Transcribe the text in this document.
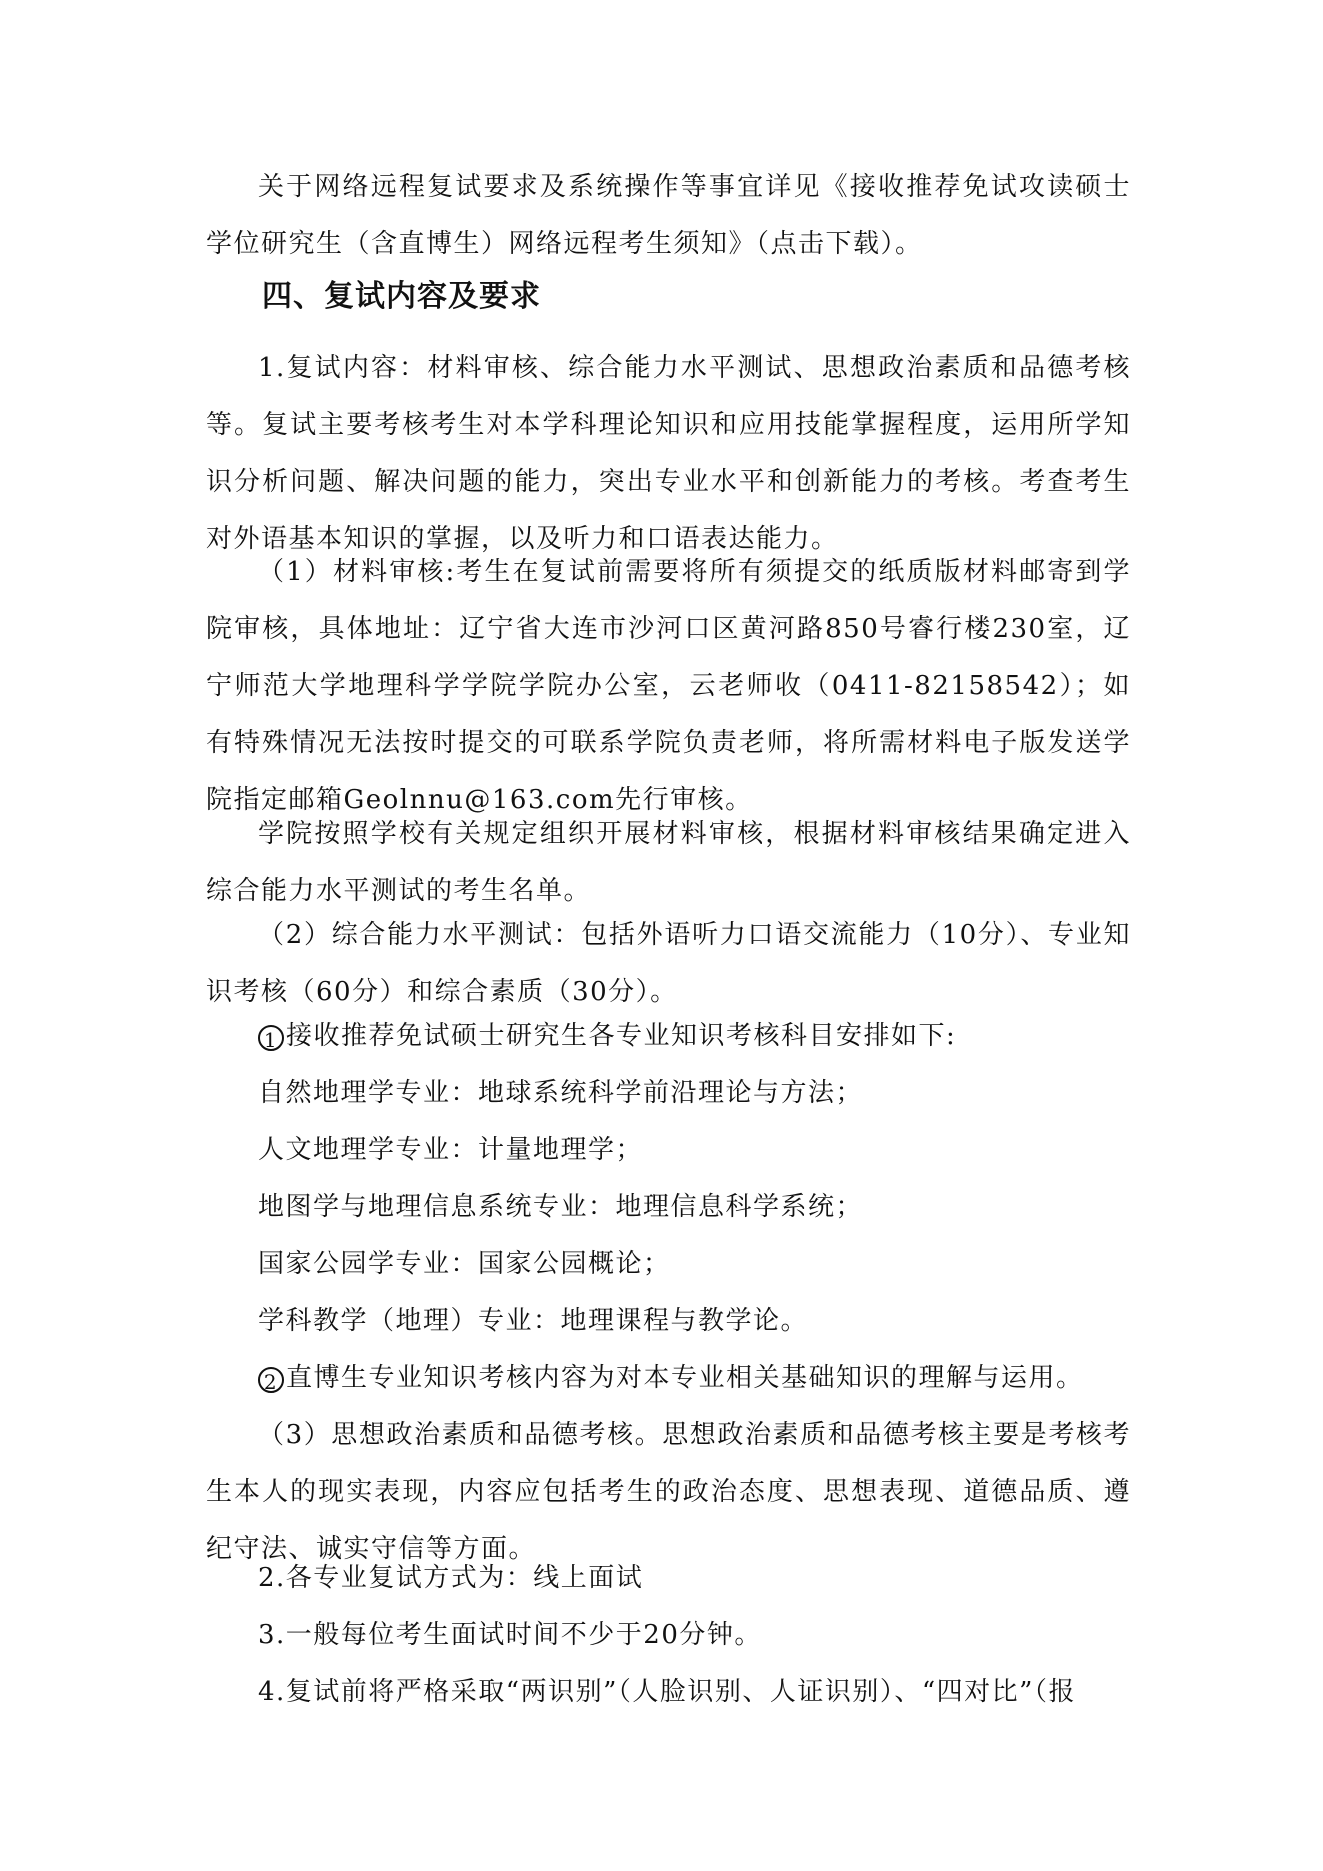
关于网络远程复试要求及系统操作等事宜详见《接收推荐免试攻读硕士学位研究生（含直博生）网络远程考生须知》（点击下载）。

四、复试内容及要求

1.复试内容：材料审核、综合能力水平测试、思想政治素质和品德考核等。复试主要考核考生对本学科理论知识和应用技能掌握程度，运用所学知识分析问题、解决问题的能力，突出专业水平和创新能力的考核。考查考生对外语基本知识的掌握，以及听力和口语表达能力。

（1）材料审核:考生在复试前需要将所有须提交的纸质版材料邮寄到学院审核，具体地址：辽宁省大连市沙河口区黄河路850号睿行楼230室，辽宁师范大学地理科学学院学院办公室，云老师收（0411-82158542）；如有特殊情况无法按时提交的可联系学院负责老师，将所需材料电子版发送学院指定邮箱Geolnnu@163.com先行审核。

学院按照学校有关规定组织开展材料审核，根据材料审核结果确定进入综合能力水平测试的考生名单。

（2）综合能力水平测试：包括外语听力口语交流能力（10分）、专业知识考核（60分）和综合素质（30分）。

1 接收推荐免试硕士研究生各专业知识考核科目安排如下:

自然地理学专业：地球系统科学前沿理论与方法；

人文地理学专业：计量地理学；

地图学与地理信息系统专业：地理信息科学系统；

国家公园学专业：国家公园概论；

学科教学（地理）专业：地理课程与教学论。

2 直博生专业知识考核内容为对本专业相关基础知识的理解与运用。

（3）思想政治素质和品德考核。思想政治素质和品德考核主要是考核考生本人的现实表现，内容应包括考生的政治态度、思想表现、道德品质、遵纪守法、诚实守信等方面。

2.各专业复试方式为：线上面试

3.一般每位考生面试时间不少于20分钟。

4.复试前将严格采取“两识别”（人脸识别、人证识别）、“四对比”（报
